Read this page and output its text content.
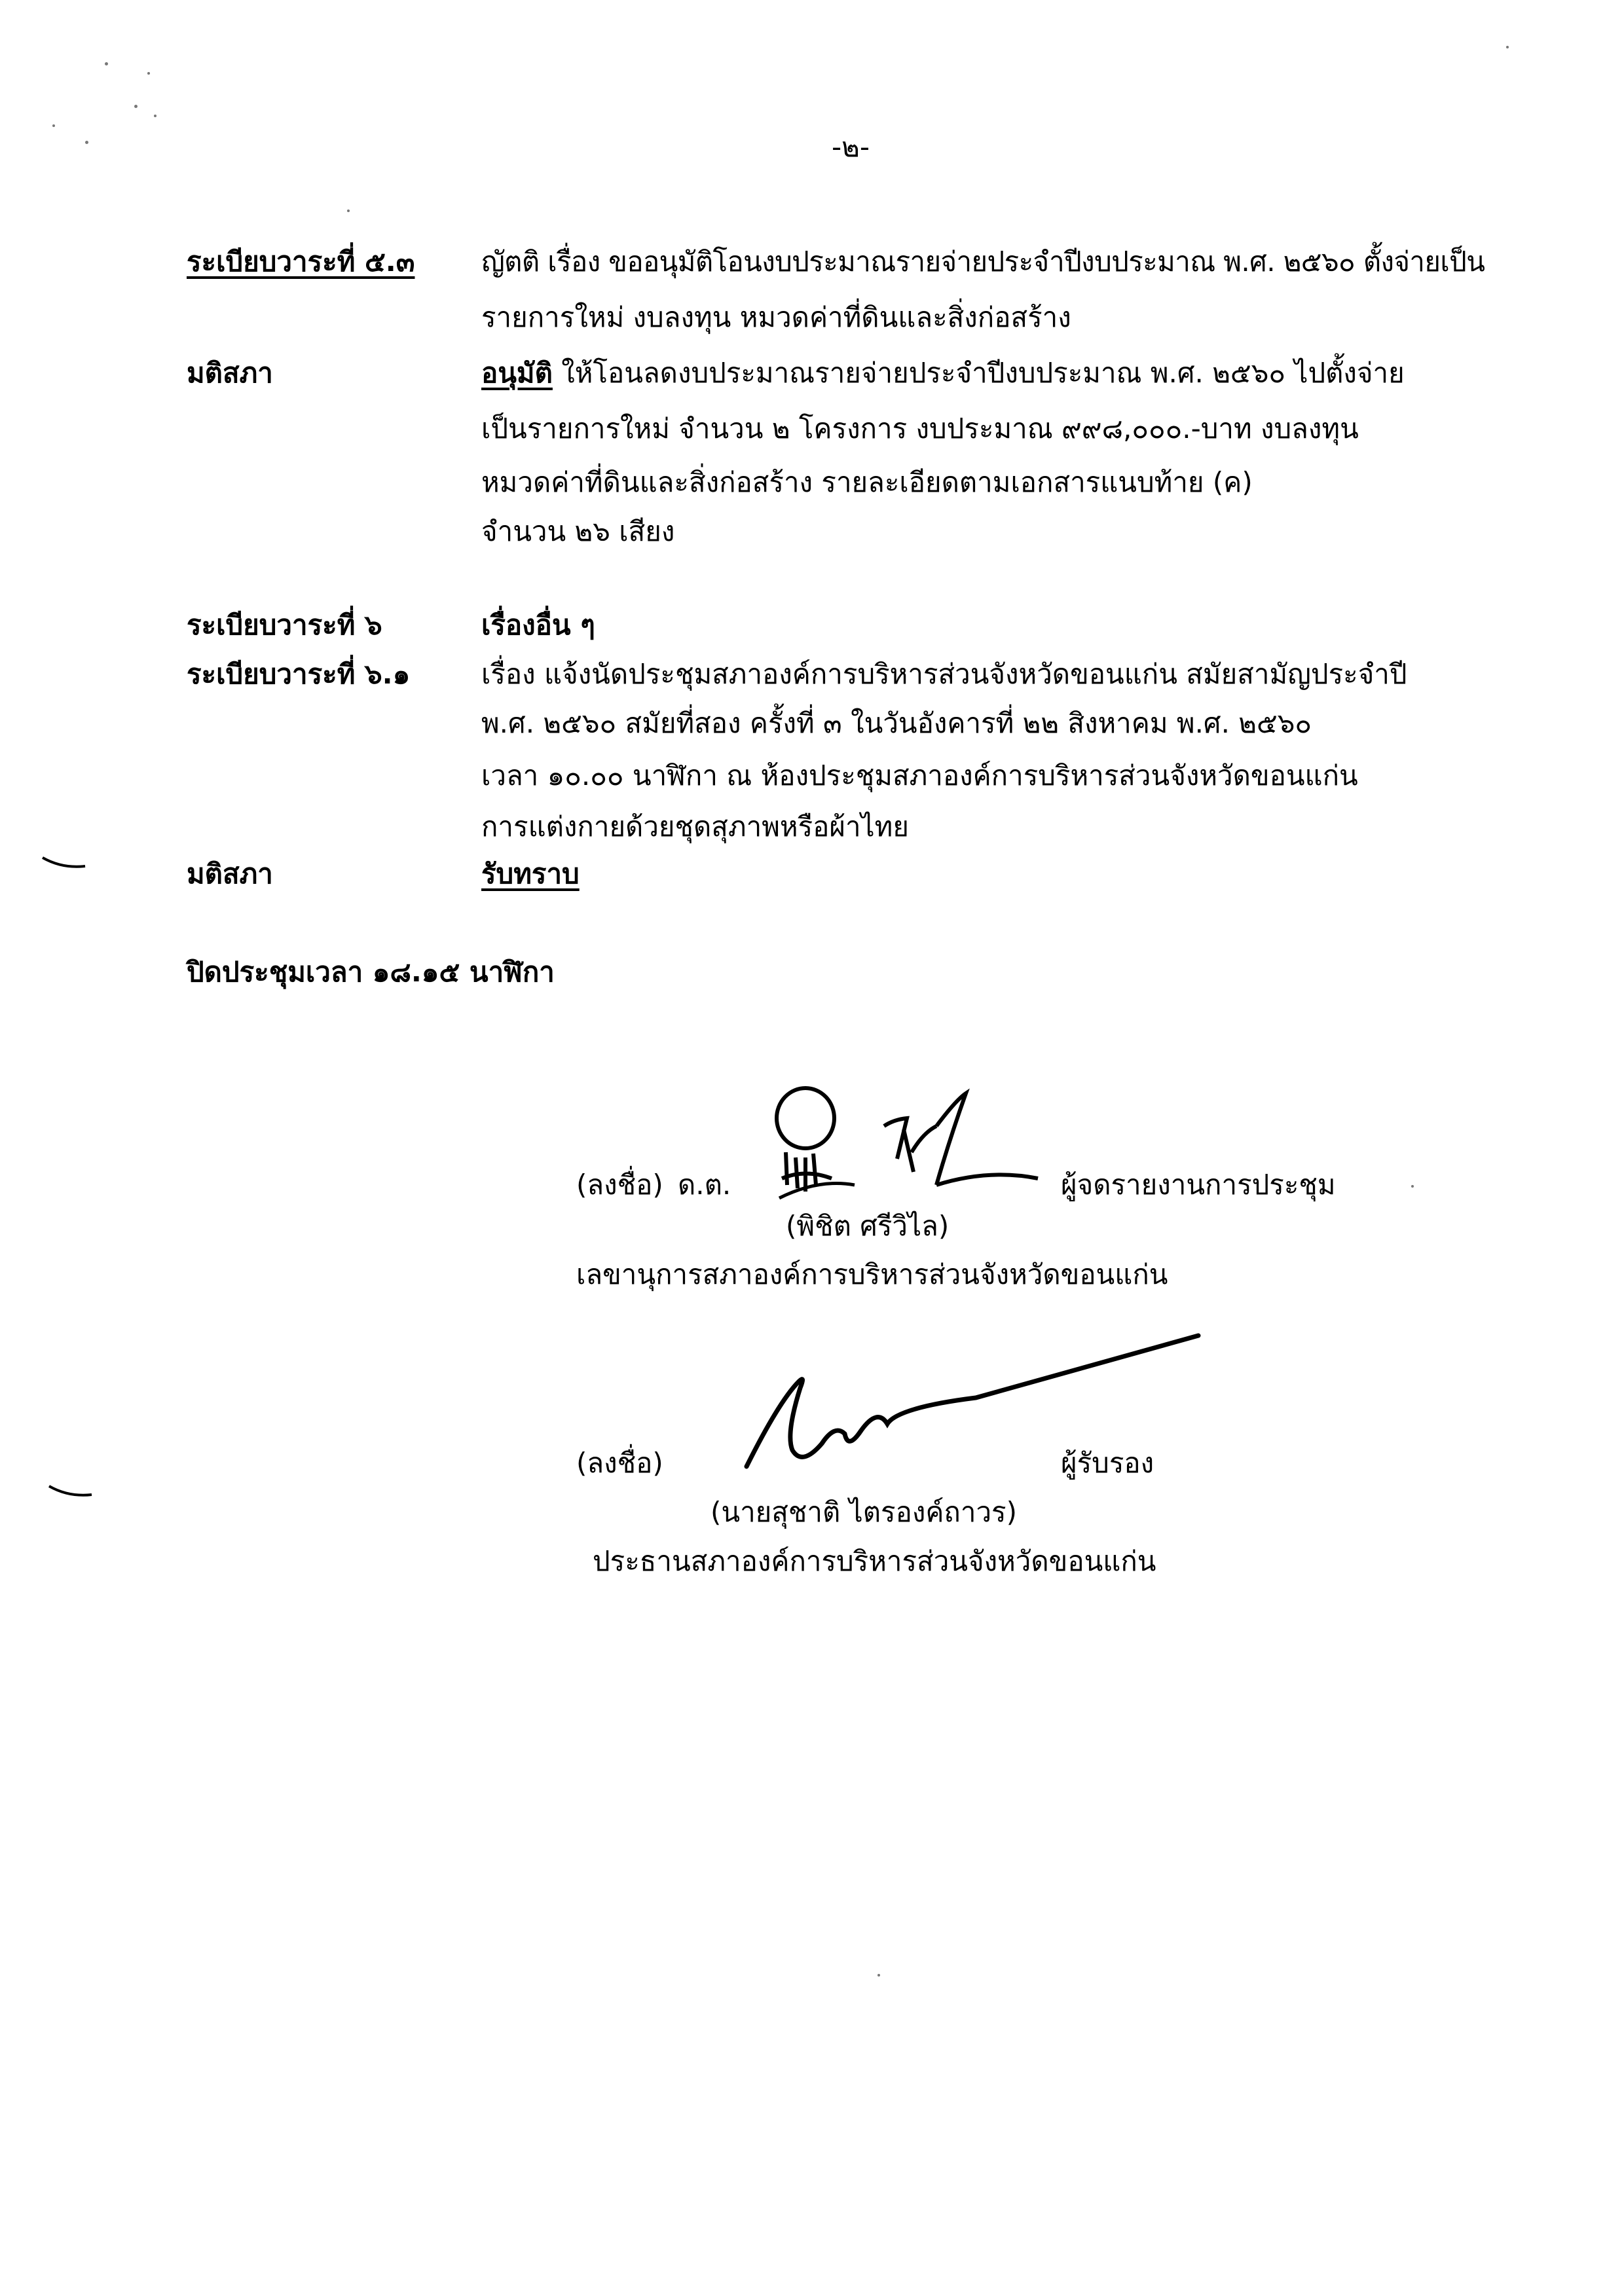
-๒-
ระเบียบวาระที่ ๕.๓ ญัตติ เรื่อง ขออนุมัติโอนงบประมาณรายจ่ายประจำปีงบประมาณ พ.ศ. ๒๕๖๐ ตั้งจ่ายเป็น
รายการใหม่ งบลงทุน หมวดค่าที่ดินและสิ่งก่อสร้าง
มติสภา	อนุมัติ ให้โอนลดงบประมาณรายจ่ายประจำปีงบประมาณ พ.ศ. ๒๕๖๐ ไปตั้งจ่าย
เป็นรายการใหม่ จำนวน ๒ โครงการ งบประมาณ ๙๙๘,๐๐๐.-บาท งบลงทุน
หมวดค่าที่ดินและสิ่งก่อสร้าง รายละเอียดตามเอกสารแนบท้าย (ค)
จำนวน ๒๖ เสียง
ระเบียบวาระที่ ๖	เรื่องอื่น ๆ
ระเบียบวาระที่ ๖.๑	เรื่อง แจ้งนัดประชุมสภาองค์การบริหารส่วนจังหวัดขอนแก่น สมัยสามัญประจำปี
พ.ศ. ๒๕๖๐ สมัยที่สอง ครั้งที่ ๓ ในวันอังคารที่ ๒๒ สิงหาคม พ.ศ. ๒๕๖๐
เวลา ๑๐.๐๐ นาฬิกา ณ ห้องประชุมสภาองค์การบริหารส่วนจังหวัดขอนแก่น
การแต่งกายด้วยชุดสุภาพหรือผ้าไทย
มติสภา	รับทราบ
ปิดประชุมเวลา ๑๘.๑๕ นาฬิกา
(ลงชื่อ) ด.ต.	ผู้จดรายงานการประชุม
(พิชิต ศรีวิไล)
เลขานุการสภาองค์การบริหารส่วนจังหวัดขอนแก่น
(ลงชื่อ)	ผู้รับรอง
(นายสุชาติ ไตรองค์ถาวร)
ประธานสภาองค์การบริหารส่วนจังหวัดขอนแก่น
